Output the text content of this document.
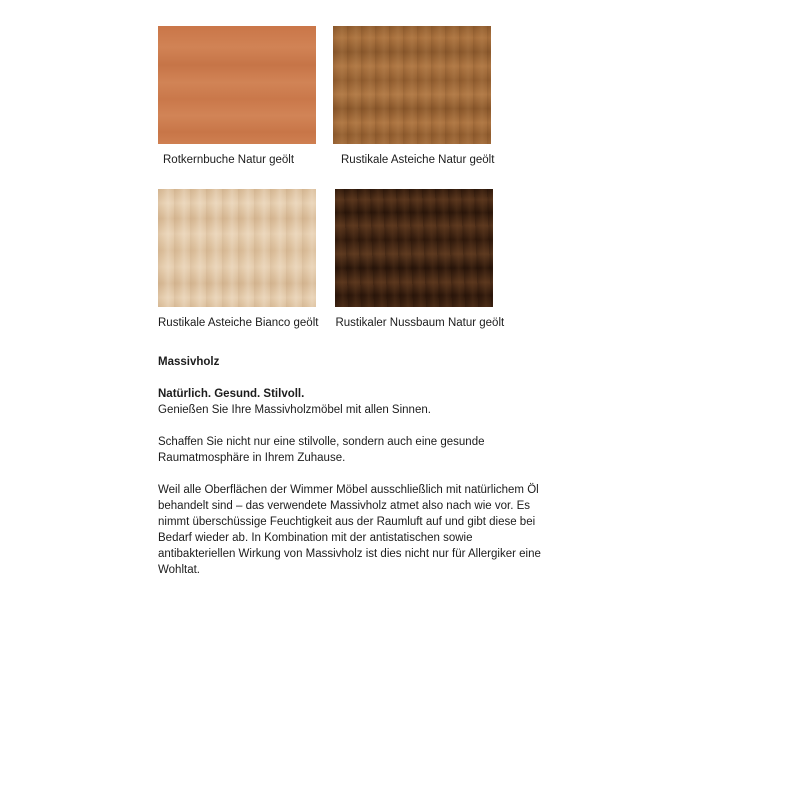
Rotkernbuche Natur geölt	Rustikale Asteiche Natur geölt
Rustikale Asteiche Bianco geölt Rustikaler Nussbaum Natur geölt

Massivholz

Natürlich. Gesund. Stilvoll.

Genießen Sie Ihre Massivholzmöbel mit allen Sinnen.

Schaffen Sie nicht nur eine stilvolle, sondern auch eine gesunde Raumatmosphäre in Ihrem Zuhause.

Weil alle Oberflächen der Wimmer Möbel ausschließlich mit natürlichem Öl behandelt sind – das verwendete Massivholz atmet also nach wie vor. Es nimmt überschüssige Feuchtigkeit aus der Raumluft auf und gibt diese bei Bedarf wieder ab. In Kombination mit der antistatischen sowie antibakteriellen Wirkung von Massivholz ist dies nicht nur für Allergiker eine Wohltat.
